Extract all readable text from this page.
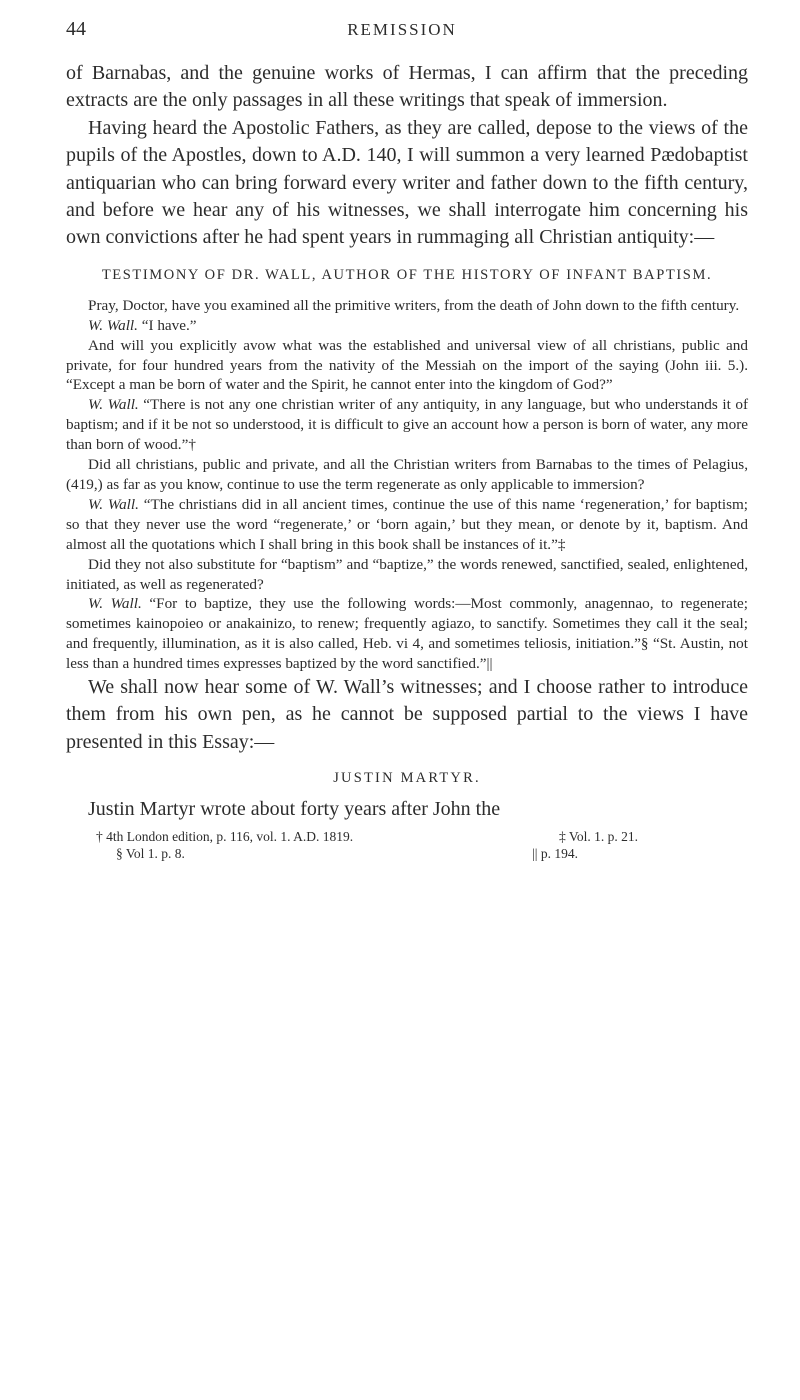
44	REMISSION

of Barnabas, and the genuine works of Hermas, I can affirm that the preceding extracts are the only passages in all these writings that speak of immersion.

Having heard the Apostolic Fathers, as they are called, depose to the views of the pupils of the Apostles, down to A.D. 140, I will summon a very learned Pædobaptist antiquarian who can bring forward every writer and father down to the fifth century, and before we hear any of his witnesses, we shall interrogate him concerning his own convictions after he had spent years in rummaging all Christian antiquity:—

TESTIMONY OF DR. WALL, AUTHOR OF THE HISTORY OF INFANT BAPTISM.

Pray, Doctor, have you examined all the primitive writers, from the death of John down to the fifth century.

W. Wall. “I have.”

And will you explicitly avow what was the established and universal view of all christians, public and private, for four hundred years from the nativity of the Messiah on the import of the saying (John iii. 5.). “Except a man be born of water and the Spirit, he cannot enter into the kingdom of God?”

W. Wall. “There is not any one christian writer of any antiquity, in any language, but who understands it of baptism; and if it be not so understood, it is difficult to give an account how a person is born of water, any more than born of wood.”†

Did all christians, public and private, and all the Christian writers from Barnabas to the times of Pelagius, (419,) as far as you know, continue to use the term regenerate as only applicable to immersion?

W. Wall. “The christians did in all ancient times, continue the use of this name ‘regeneration,’ for baptism; so that they never use the word “regenerate,’ or ‘born again,’ but they mean, or denote by it, baptism. And almost all the quotations which I shall bring in this book shall be instances of it.”‡

Did they not also substitute for “baptism” and “baptize,” the words renewed, sanctified, sealed, enlightened, initiated, as well as regenerated?

W. Wall. “For to baptize, they use the following words:—Most commonly, anagennao, to regenerate; sometimes kainopoieo or anakainizo, to renew; frequently agiazo, to sanctify. Sometimes they call it the seal; and frequently, illumination, as it is also called, Heb. vi 4, and sometimes teliosis, initiation.”§ “St. Austin, not less than a hundred times expresses baptized by the word sanctified.”||

We shall now hear some of W. Wall’s witnesses; and I choose rather to introduce them from his own pen, as he cannot be supposed partial to the views I have presented in this Essay:—

JUSTIN MARTYR.

Justin Martyr wrote about forty years after John the

† 4th London edition, p. 116, vol. 1. A.D. 1819.	‡ Vol. 1. p. 21.
§ Vol 1. p. 8.	|| p. 194.
